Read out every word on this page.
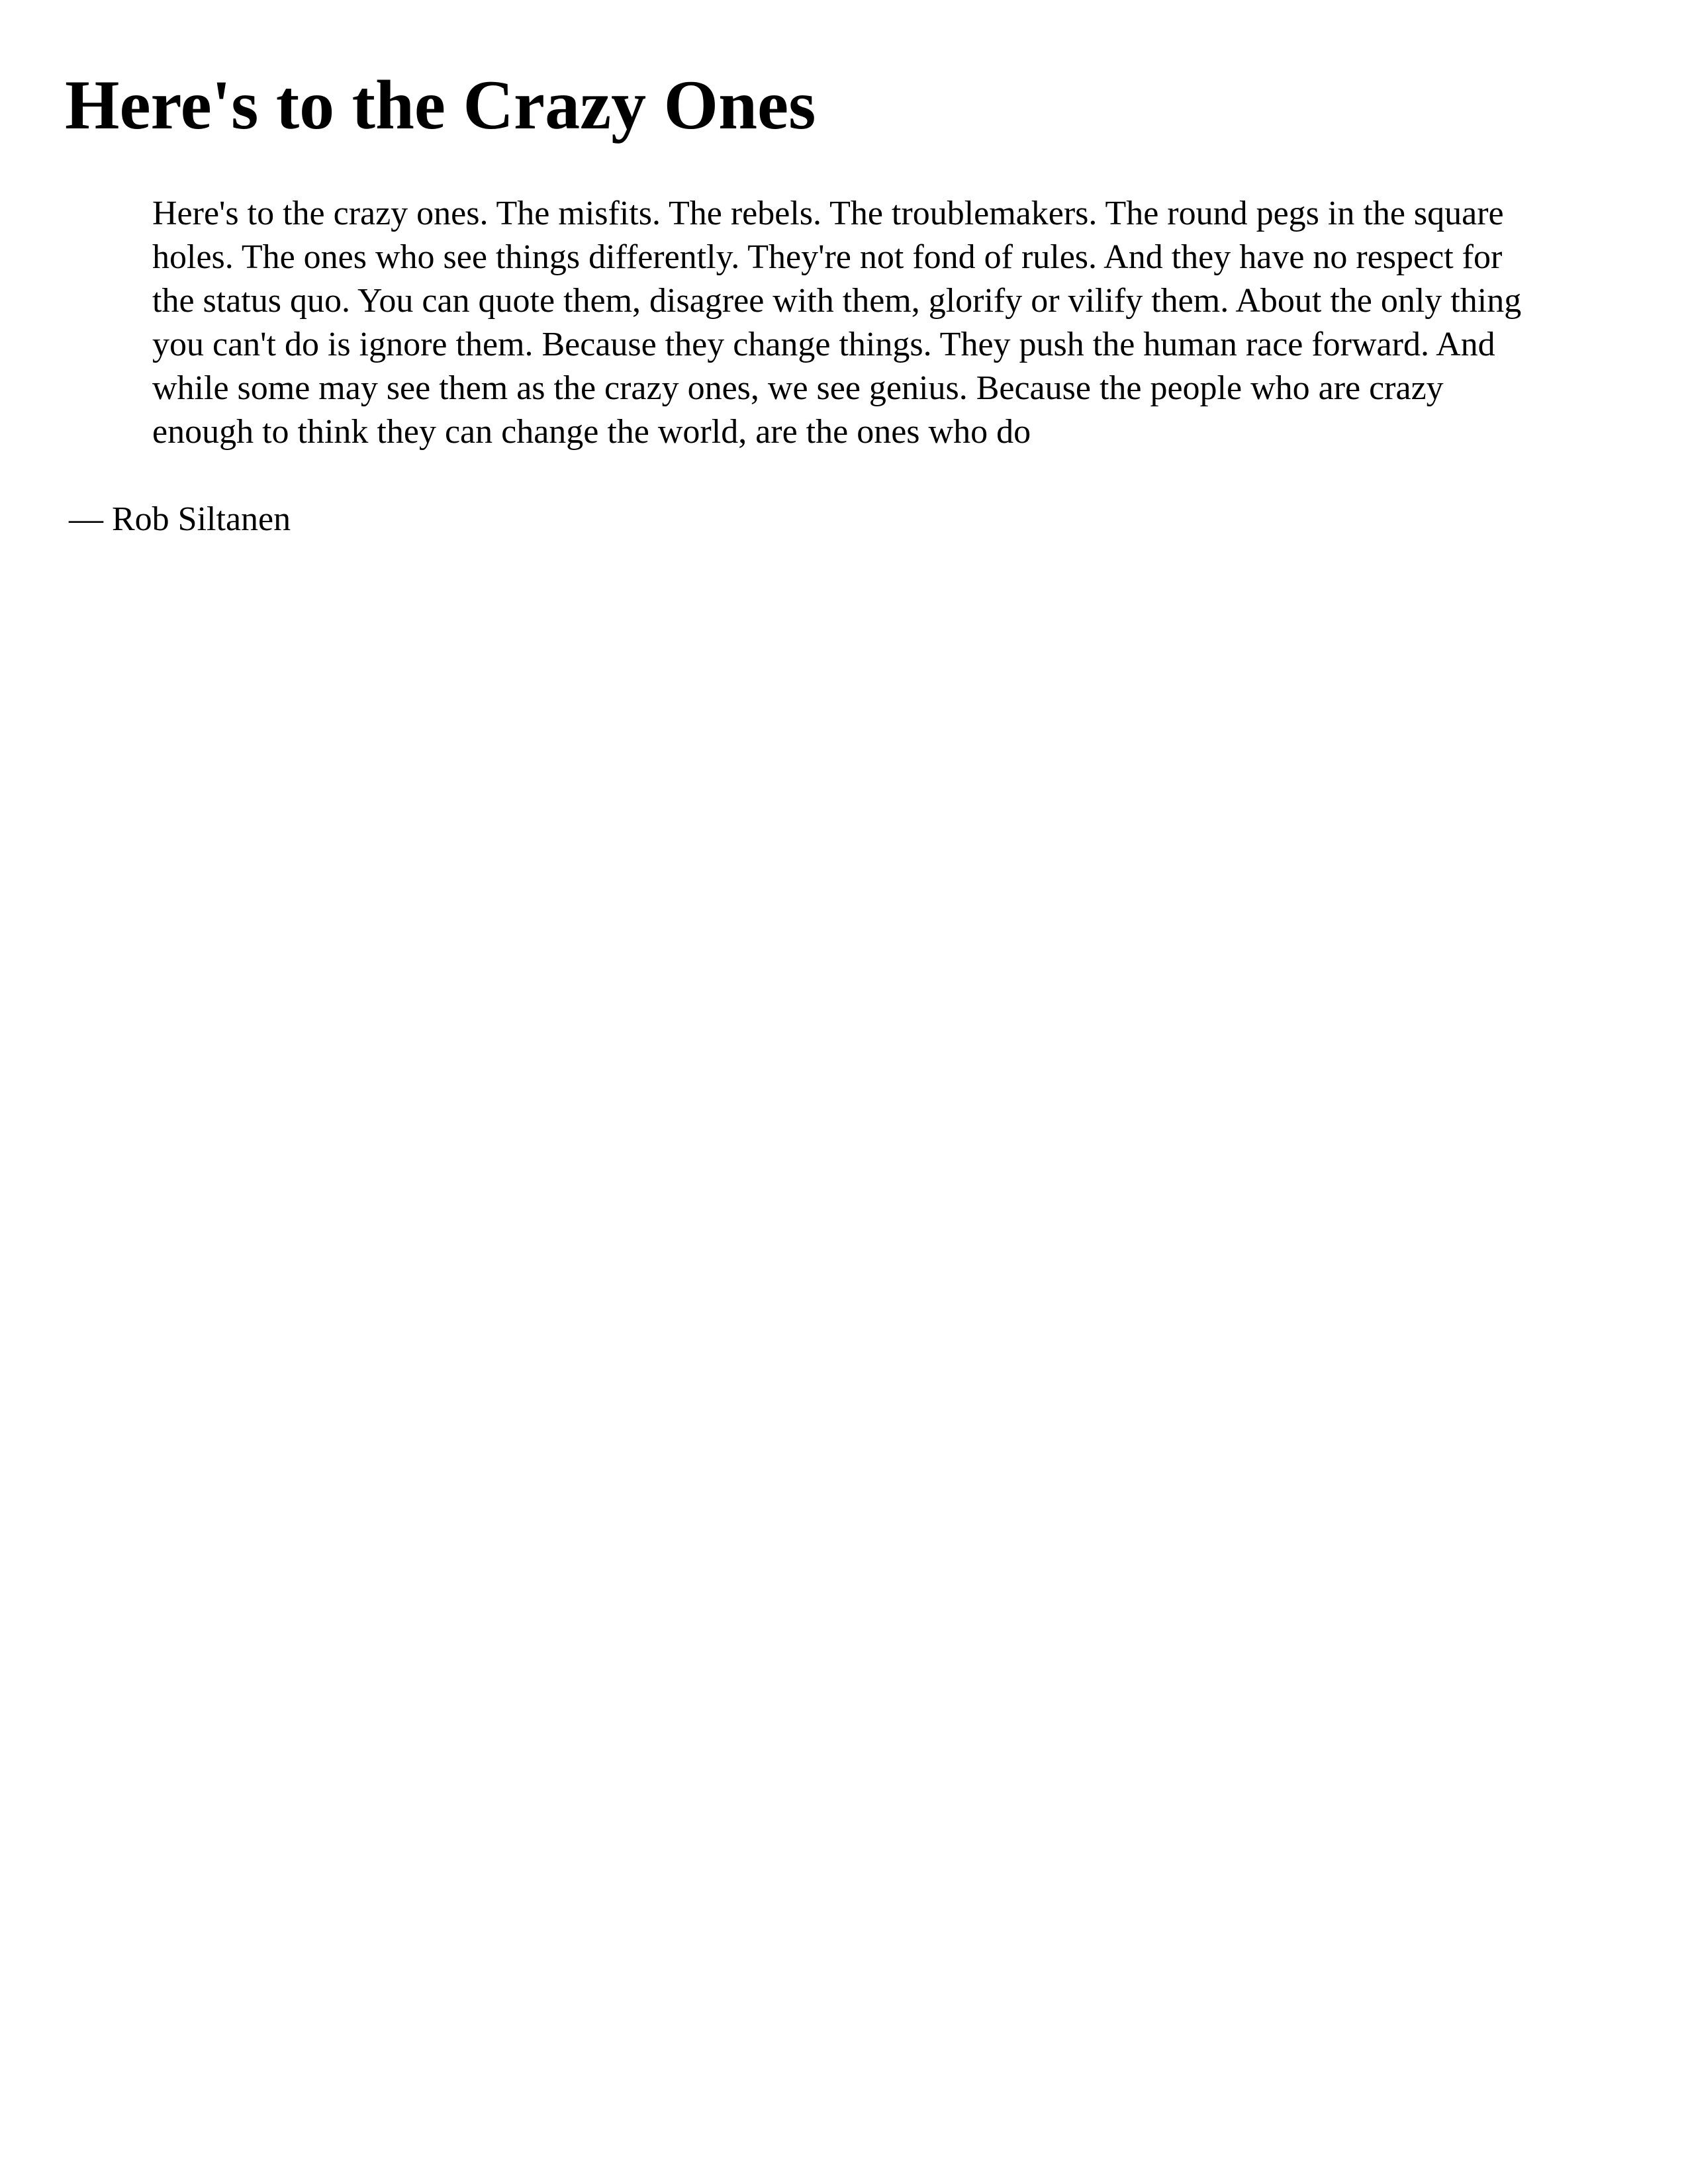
Here's to the Crazy Ones

Here's to the crazy ones. The misfits. The rebels. The troublemakers. The round pegs in the square holes. The ones who see things differently. They're not fond of rules. And they have no respect for the status quo. You can quote them, disagree with them, glorify or vilify them. About the only thing you can't do is ignore them. Because they change things. They push the human race forward. And while some may see them as the crazy ones, we see genius. Because the people who are crazy enough to think they can change the world, are the ones who do

— Rob Siltanen
